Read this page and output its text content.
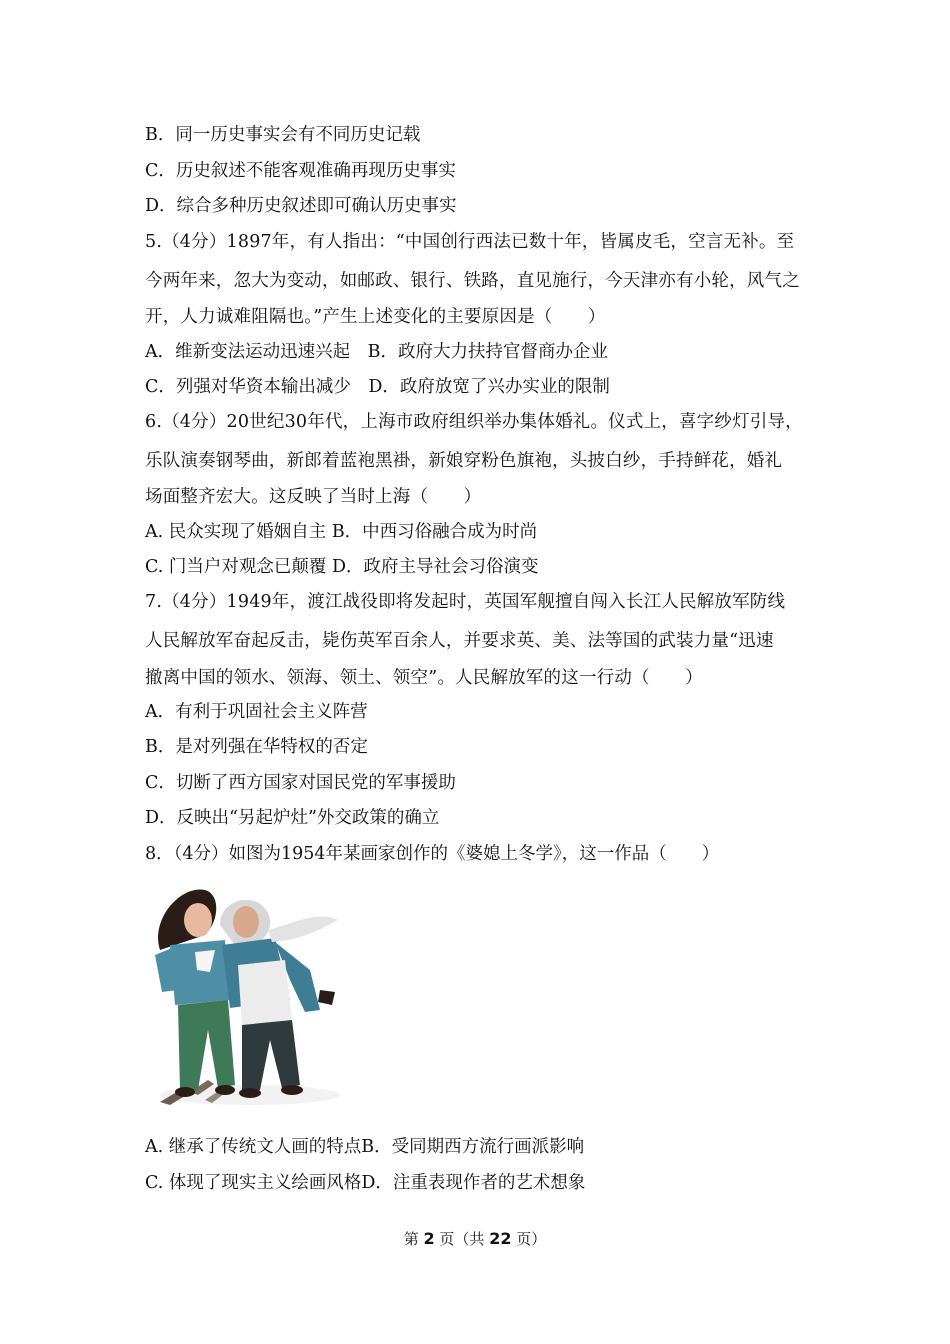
B．同一历史事实会有不同历史记载
C．历史叙述不能客观准确再现历史事实
D．综合多种历史叙述即可确认历史事实
5.（4分）1897年，有人指出：“中国创行西法已数十年，皆属皮毛，空言无补。至
今两年来，忽大为变动，如邮政、银行、铁路，直见施行，今天津亦有小轮，风气之
开，人力诚难阻隔也。”产生上述变化的主要原因是（　　）
A．维新变法运动迅速兴起　B．政府大力扶持官督商办企业
C．列强对华资本输出减少　D．政府放宽了兴办实业的限制
6.（4分）20世纪30年代，上海市政府组织举办集体婚礼。仪式上，喜字纱灯引导，
乐队演奏钢琴曲，新郎着蓝袍黑褂，新娘穿粉色旗袍，头披白纱，手持鲜花，婚礼
场面整齐宏大。这反映了当时上海（　　）
A. 民众实现了婚姻自主 B．中西习俗融合成为时尚
C. 门当户对观念已颠覆 D．政府主导社会习俗演变
7.（4分）1949年，渡江战役即将发起时，英国军舰擅自闯入长江人民解放军防线
人民解放军奋起反击，毙伤英军百余人，并要求英、美、法等国的武装力量“迅速
撤离中国的领水、领海、领土、领空”。人民解放军的这一行动（　　）
A．有利于巩固社会主义阵营
B．是对列强在华特权的否定
C．切断了西方国家对国民党的军事援助
D．反映出“另起炉灶”外交政策的确立
8．（4分）如图为1954年某画家创作的《婆媳上冬学》，这一作品（　　）
A. 继承了传统文人画的特点B．受同期西方流行画派影响
C. 体现了现实主义绘画风格D．注重表现作者的艺术想象
第 2 页（共 22 页）
